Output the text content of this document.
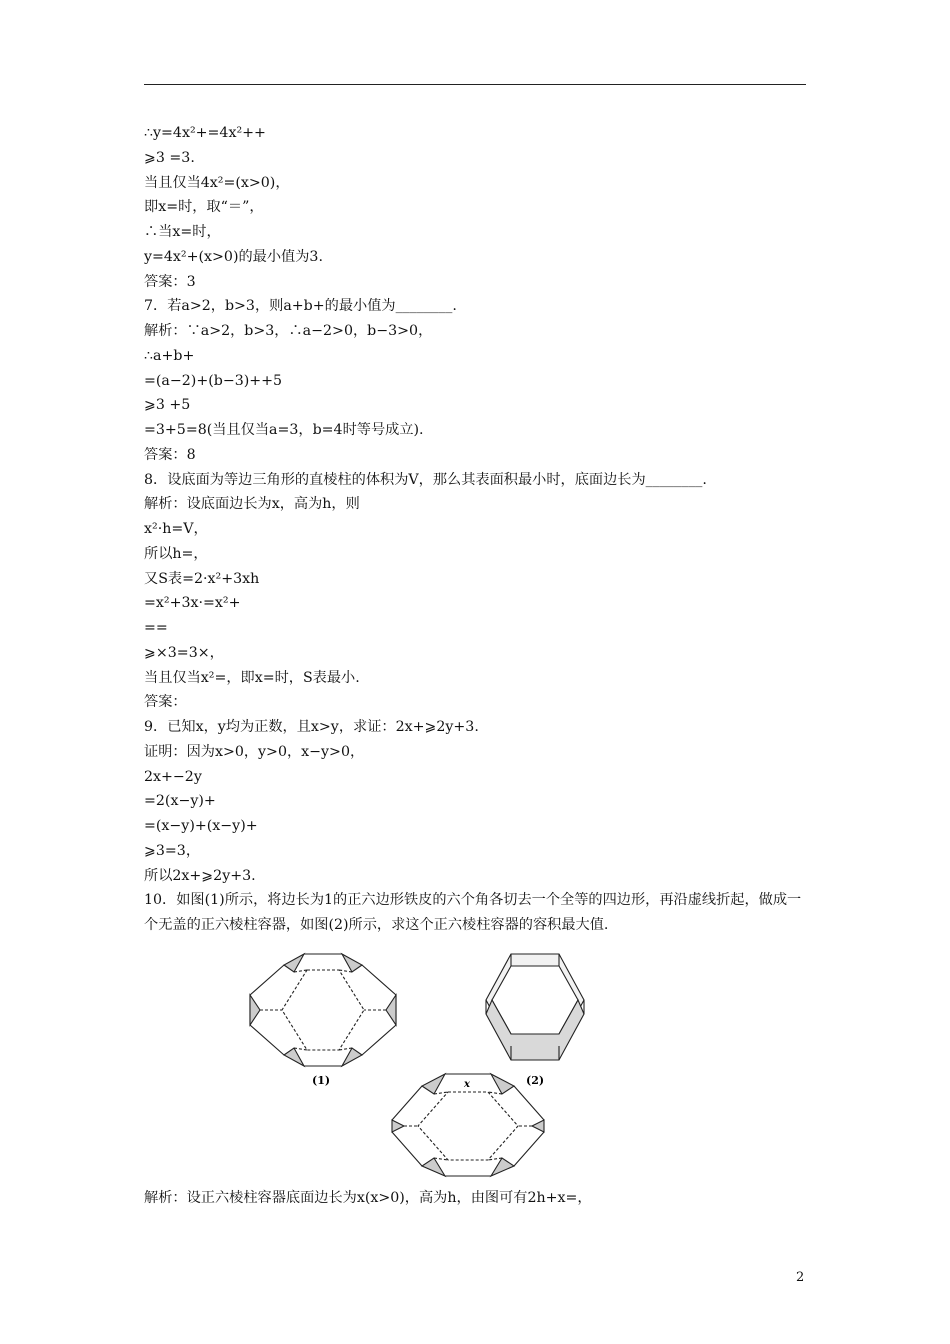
∴y=4x²+=4x²++
⩾3 =3.
当且仅当4x²=(x>0)，
即x=时，取“＝”，
∴当x=时，
y=4x²+(x>0)的最小值为3.
答案：3
7．若a>2，b>3，则a+b+的最小值为________.
解析：∵a>2，b>3，∴a−2>0，b−3>0，
∴a+b+
=(a−2)+(b−3)++5
⩾3 +5
=3+5=8(当且仅当a=3，b=4时等号成立).
答案：8
8．设底面为等边三角形的直棱柱的体积为V，那么其表面积最小时，底面边长为________.
解析：设底面边长为x，高为h，则
x²·h=V，
所以h=，
又S表=2·x²+3xh
=x²+3x·=x²+
==
⩾×3=3×，
当且仅当x²=，即x=时，S表最小.
答案：
9．已知x，y均为正数，且x>y，求证：2x+⩾2y+3.
证明：因为x>0，y>0，x−y>0，
2x+−2y
=2(x−y)+
=(x−y)+(x−y)+
⩾3=3，
所以2x+⩾2y+3.
10．如图(1)所示，将边长为1的正六边形铁皮的六个角各切去一个全等的四边形，再沿虚线折起，做成一个无盖的正六棱柱容器，如图(2)所示，求这个正六棱柱容器的容积最大值.
(1)	(2)
x
解析：设正六棱柱容器底面边长为x(x>0)，高为h，由图可有2h+x=，
2
